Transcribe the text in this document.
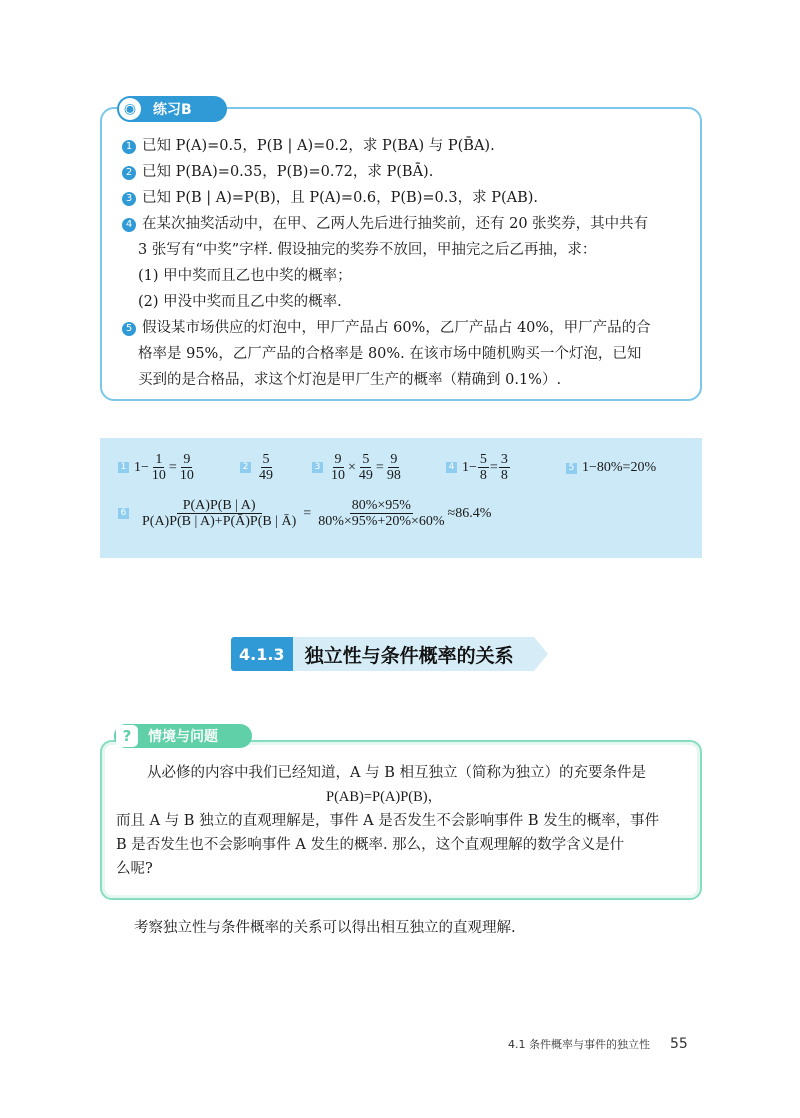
◉	练习B
1 已知 P(A)=0.5，P(B | A)=0.2，求 P(BA) 与 P(B̄A).
2 已知 P(BA)=0.35，P(B)=0.72，求 P(BĀ).
3 已知 P(B | A)=P(B)，且 P(A)=0.6，P(B)=0.3，求 P(AB).
4 在某次抽奖活动中，在甲、乙两人先后进行抽奖前，还有 20 张奖券，其中共有
3 张写有“中奖”字样. 假设抽完的奖券不放回，甲抽完之后乙再抽，求：
(1) 甲中奖而且乙也中奖的概率；
(2) 甲没中奖而且乙中奖的概率.
5 假设某市场供应的灯泡中，甲厂产品占 60%，乙厂产品占 40%，甲厂产品的合
格率是 95%，乙厂产品的合格率是 80%. 在该市场中随机购买一个灯泡，已知
买到的是合格品，求这个灯泡是甲厂生产的概率（精确到 0.1%）.
1 $1- \frac{1}{10} = \frac{9}{10}$	$2 \frac{5}{49}$	$3 \frac{9}{10} \times \frac{5}{49} = \frac{9}{98}$	4 $1- \frac{5}{8} = \frac{3}{8}$	5 1−80%=20%
$6 \frac{P(A)P(B | A)}{P(A)P(B | A)+P(Ā)P(B | Ā)} = \frac{80\%\times 95\%}{80\%\times 95\%+20\%\times 60\%} \approx 86.4\%$
4.1.3	独立性与条件概率的关系
?	情境与问题
从必修的内容中我们已经知道，A 与 B 相互独立（简称为独立）的充要条件是
P(AB)=P(A)P(B)，
而且 A 与 B 独立的直观理解是，事件 A 是否发生不会影响事件 B 发生的概率，事件
B 是否发生也不会影响事件 A 发生的概率. 那么，这个直观理解的数学含义是什
么呢?
考察独立性与条件概率的关系可以得出相互独立的直观理解.
4.1 条件概率与事件的独立性 55
